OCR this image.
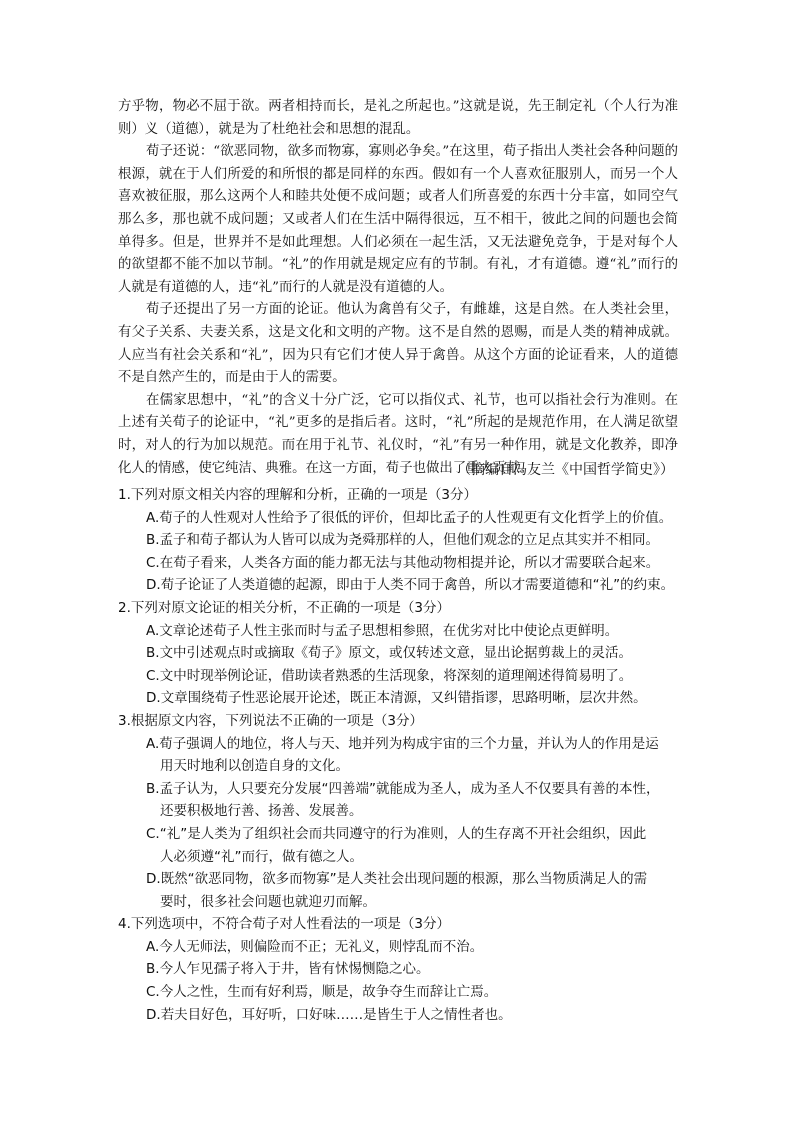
方乎物，物必不屈于欲。两者相持而长，是礼之所起也。”这就是说，先王制定礼（个人行为准则）义（道德），就是为了杜绝社会和思想的混乱。

荀子还说：“欲恶同物，欲多而物寡，寡则必争矣。”在这里，荀子指出人类社会各种问题的根源，就在于人们所爱的和所恨的都是同样的东西。假如有一个人喜欢征服别人，而另一个人喜欢被征服，那么这两个人和睦共处便不成问题；或者人们所喜爱的东西十分丰富，如同空气那么多，那也就不成问题；又或者人们在生活中隔得很远，互不相干，彼此之间的问题也会简单得多。但是，世界并不是如此理想。人们必须在一起生活，又无法避免竞争，于是对每个人的欲望都不能不加以节制。“礼”的作用就是规定应有的节制。有礼，才有道德。遵“礼”而行的人就是有道德的人，违“礼”而行的人就是没有道德的人。

荀子还提出了另一方面的论证。他认为禽兽有父子，有雌雄，这是自然。在人类社会里，有父子关系、夫妻关系，这是文化和文明的产物。这不是自然的恩赐，而是人类的精神成就。人应当有社会关系和“礼”，因为只有它们才使人异于禽兽。从这个方面的论证看来，人的道德不是自然产生的，而是由于人的需要。

在儒家思想中，“礼”的含义十分广泛，它可以指仪式、礼节，也可以指社会行为准则。在上述有关荀子的论证中，“礼”更多的是指后者。这时，“礼”所起的是规范作用，在人满足欲望时，对人的行为加以规范。而在用于礼节、礼仪时，“礼”有另一种作用，就是文化教养，即净化人的情感，使它纯洁、典雅。在这一方面，荀子也做出了重大贡献。

（摘编自冯友兰《中国哲学简史》）

1.下列对原文相关内容的理解和分析，正确的一项是（3分）

A.荀子的人性观对人性给予了很低的评价，但却比孟子的人性观更有文化哲学上的价值。

B.孟子和荀子都认为人皆可以成为尧舜那样的人，但他们观念的立足点其实并不相同。

C.在荀子看来，人类各方面的能力都无法与其他动物相提并论，所以才需要联合起来。

D.荀子论证了人类道德的起源，即由于人类不同于禽兽，所以才需要道德和“礼”的约束。

2.下列对原文论证的相关分析，不正确的一项是（3分）

A.文章论述荀子人性主张而时与孟子思想相参照，在优劣对比中使论点更鲜明。

B.文中引述观点时或摘取《荀子》原文，或仅转述文意，显出论据剪裁上的灵活。

C.文中时现举例论证，借助读者熟悉的生活现象，将深刻的道理阐述得简易明了。

D.文章围绕荀子性恶论展开论述，既正本清源，又纠错指谬，思路明晰，层次井然。

3.根据原文内容，下列说法不正确的一项是（3分）

A.荀子强调人的地位，将人与天、地并列为构成宇宙的三个力量，并认为人的作用是运
用天时地利以创造自身的文化。

B.孟子认为，人只要充分发展“四善端”就能成为圣人，成为圣人不仅要具有善的本性，
还要积极地行善、扬善、发展善。

C.“礼”是人类为了组织社会而共同遵守的行为准则，人的生存离不开社会组织，因此
人必须遵“礼”而行，做有德之人。

D.既然“欲恶同物，欲多而物寡”是人类社会出现问题的根源，那么当物质满足人的需
要时，很多社会问题也就迎刃而解。

4.下列选项中，不符合荀子对人性看法的一项是（3分）

A.今人无师法，则偏险而不正；无礼义，则悖乱而不治。

B.今人乍见孺子将入于井，皆有怵惕恻隐之心。

C.今人之性，生而有好利焉，顺是，故争夺生而辞让亡焉。

D.若夫目好色，耳好听，口好味……是皆生于人之情性者也。
